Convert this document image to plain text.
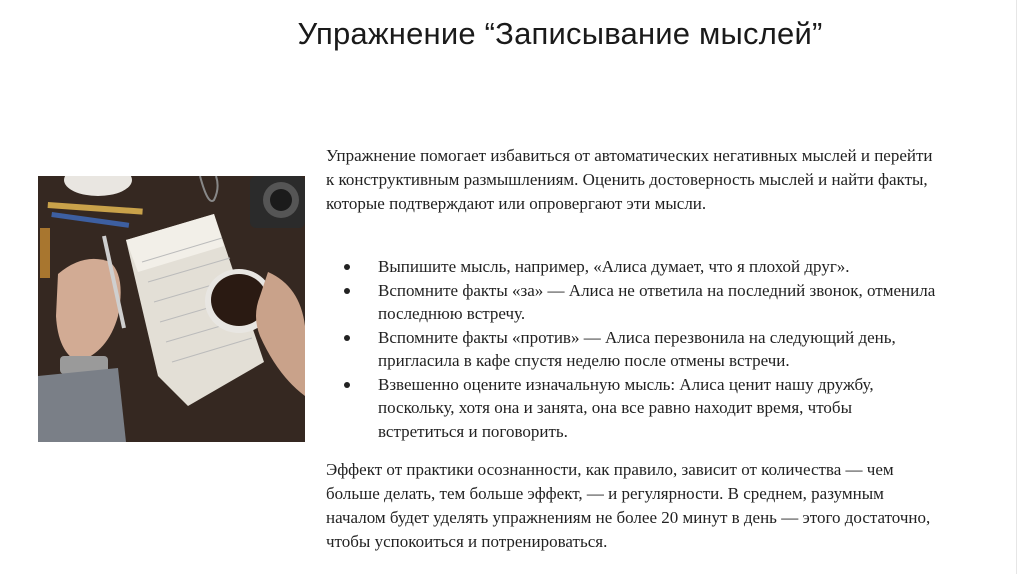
Упражнение “Записывание мыслей”
Упражнение помогает избавиться от автоматических негативных мыслей и перейти
к конструктивным размышлениям. Оценить достоверность мыслей и найти факты,
которые подтверждают или опровергают эти мысли.
Выпишите мысль, например, «Алиса думает, что я плохой друг».
Вспомните факты «за» — Алиса не ответила на последний звонок, отменила
последнюю встречу.
Вспомните факты «против» — Алиса перезвонила на следующий день,
пригласила в кафе спустя неделю после отмены встречи.
Взвешенно оцените изначальную мысль: Алиса ценит нашу дружбу,
поскольку, хотя она и занята, она все равно находит время, чтобы
встретиться и поговорить.
Эффект от практики осознанности, как правило, зависит от количества — чем
больше делать, тем больше эффект, — и регулярности. В среднем, разумным
началом будет уделять упражнениям не более 20 минут в день — этого достаточно,
чтобы успокоиться и потренироваться.
